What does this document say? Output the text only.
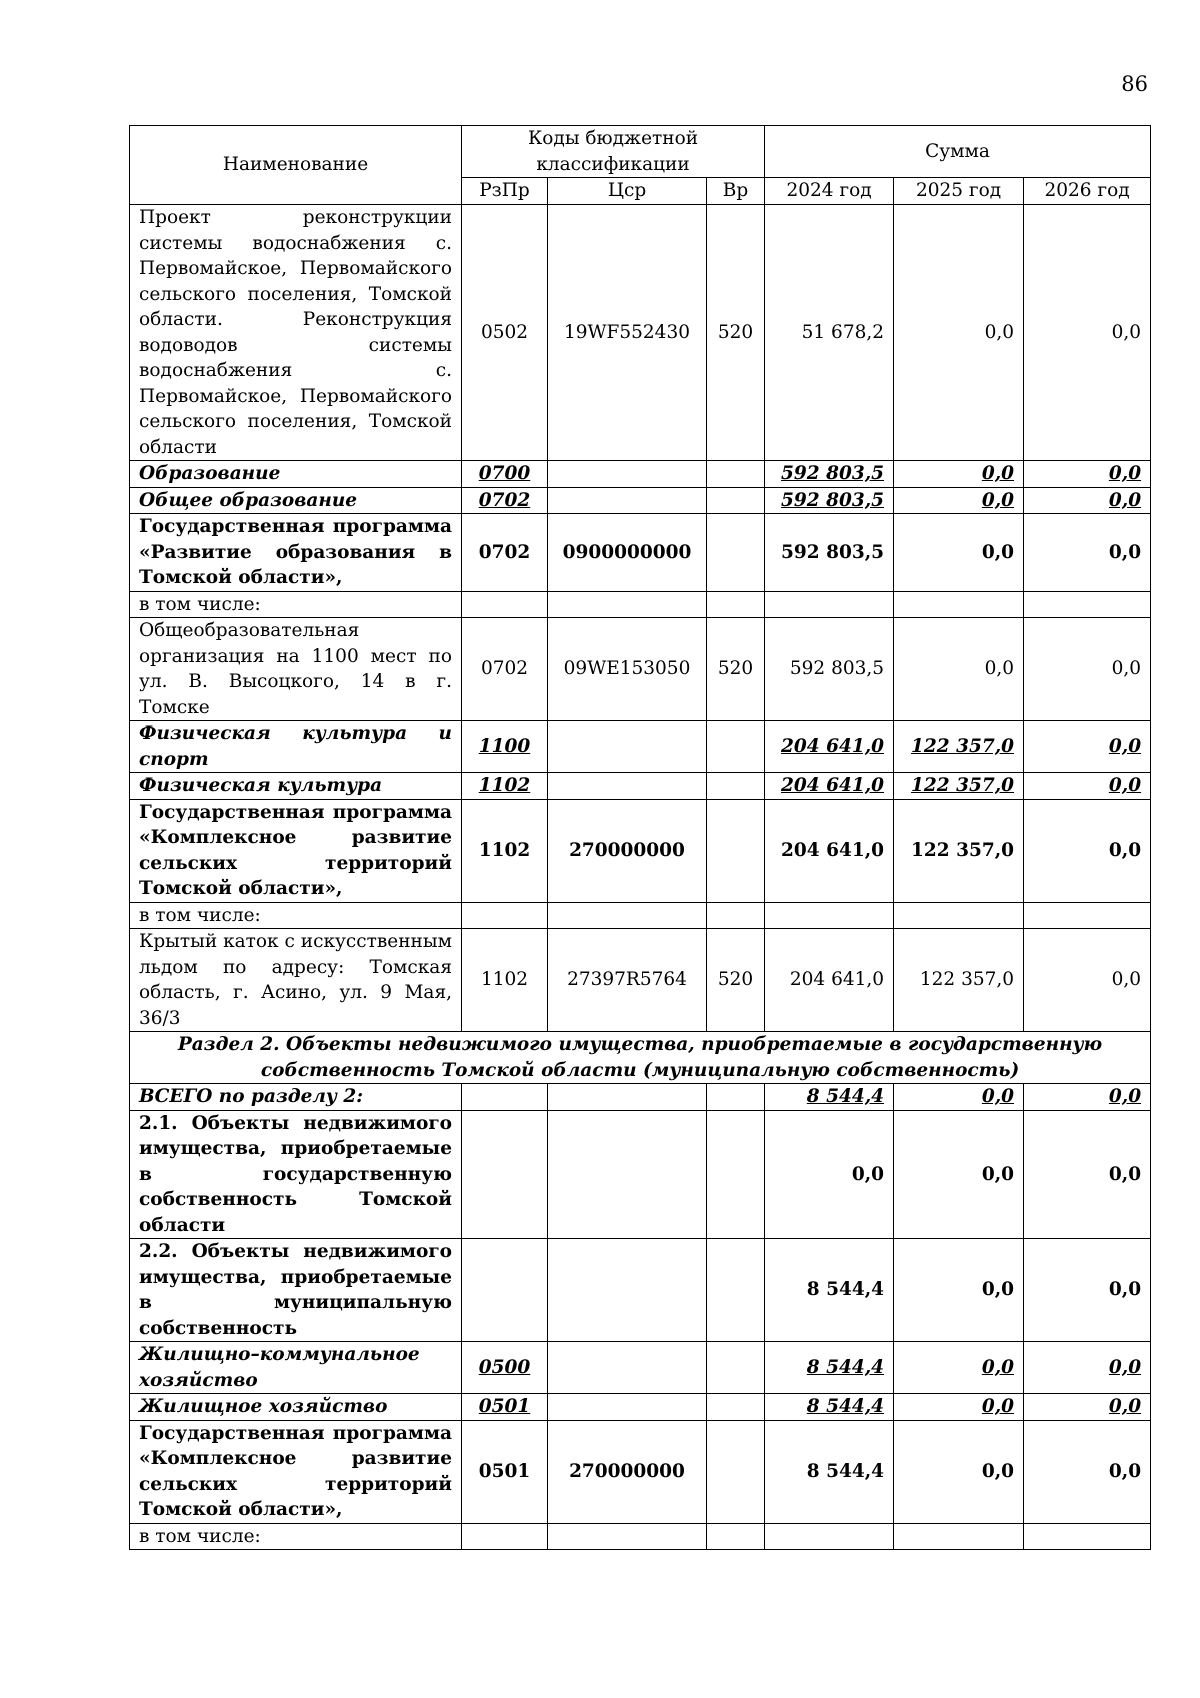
86
Наименование	Коды бюджетной классификации			Сумма		
	РзПр	Цср	Вр	2024 год	2025 год	2026 год
Проект реконструкции системы водоснабжения с. Первомайское, Первомайского сельского поселения, Томской области. Реконструкция водоводов системы водоснабжения с. Первомайское, Первомайского сельского поселения, Томской области	0502	19WF552430	520	51 678,2	0,0	0,0
Образование	0700			592 803,5	0,0	0,0
Общее образование	0702			592 803,5	0,0	0,0
Государственная программа «Развитие образования в Томской области»,	0702	0900000000		592 803,5	0,0	0,0
в том числе:						
Общеобразовательная организация на 1100 мест по ул. В. Высоцкого, 14 в г. Томске	0702	09WE153050	520	592 803,5	0,0	0,0
Физическая культура и спорт	1100			204 641,0	122 357,0	0,0
Физическая культура	1102			204 641,0	122 357,0	0,0
Государственная программа «Комплексное развитие сельских территорий Томской области»,	1102	270000000		204 641,0	122 357,0	0,0
в том числе:						
Крытый каток с искусственным льдом по адресу: Томская область, г. Асино, ул. 9 Мая, 36/3	1102	27397R5764	520	204 641,0	122 357,0	0,0
Раздел 2. Объекты недвижимого имущества, приобретаемые в государственную собственность Томской области (муниципальную собственность)						
ВСЕГО по разделу 2:				8 544,4	0,0	0,0
2.1. Объекты недвижимого имущества, приобретаемые в государственную собственность Томской области				0,0	0,0	0,0
2.2. Объекты недвижимого имущества, приобретаемые в муниципальную собственность				8 544,4	0,0	0,0
Жилищно–коммунальное хозяйство	0500			8 544,4	0,0	0,0
Жилищное хозяйство	0501			8 544,4	0,0	0,0
Государственная программа «Комплексное развитие сельских территорий Томской области»,	0501	270000000		8 544,4	0,0	0,0
в том числе:						
